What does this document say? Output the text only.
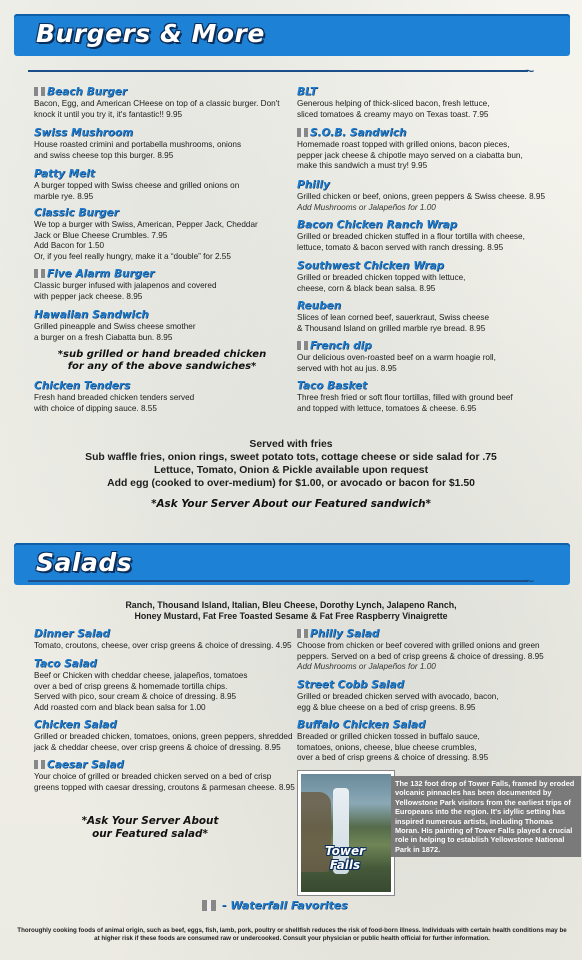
Burgers & More
~
Beach Burger
Bacon, Egg, and American CHeese on top of a classic burger. Don't knock it until you try it, it's fantastic!! 9.95
Swiss Mushroom
House roasted crimini and portabella mushrooms, onions
and swiss cheese top this burger. 8.95
Patty Melt
A burger topped with Swiss cheese and grilled onions on
marble rye. 8.95
Classic Burger
We top a burger with Swiss, American, Pepper Jack, Cheddar
Jack or Blue Cheese Crumbles. 7.95
Add Bacon for 1.50
Or, if you feel really hungry, make it a “double” for 2.55
Five Alarm Burger
Classic burger infused with jalapenos and covered
with pepper jack cheese. 8.95
Hawaiian Sandwich
Grilled pineapple and Swiss cheese smother
a burger on a fresh Ciabatta bun. 8.95
*sub grilled or hand breaded chicken
for any of the above sandwiches*
Chicken Tenders
Fresh hand breaded chicken tenders served
with choice of dipping sauce. 8.55
BLT
Generous helping of thick-sliced bacon, fresh lettuce,
sliced tomatoes & creamy mayo on Texas toast. 7.95
S.O.B. Sandwich
Homemade roast topped with grilled onions, bacon pieces,
pepper jack cheese & chipotle mayo served on a ciabatta bun,
make this sandwich a must try! 9.95
Philly
Grilled chicken or beef, onions, green peppers & Swiss cheese. 8.95
Add Mushrooms or Jalapeños for 1.00
Bacon Chicken Ranch Wrap
Grilled or breaded chicken stuffed in a flour tortilla with cheese,
lettuce, tomato & bacon served with ranch dressing. 8.95
Southwest Chicken Wrap
Grilled or breaded chicken topped with lettuce,
cheese, corn & black bean salsa. 8.95
Reuben
Slices of lean corned beef, sauerkraut, Swiss cheese
& Thousand Island on grilled marble rye bread. 8.95
French dip
Our delicious oven-roasted beef on a warm hoagie roll,
served with hot au jus. 8.95
Taco Basket
Three fresh fried or soft flour tortillas, filled with ground beef
and topped with lettuce, tomatoes & cheese. 6.95
Served with fries
Sub waffle fries, onion rings, sweet potato tots, cottage cheese or side salad for .75
Lettuce, Tomato, Onion & Pickle available upon request
Add egg (cooked to over-medium) for $1.00, or avocado or bacon for $1.50
*Ask Your Server About our Featured sandwich*
Salads
~
Ranch, Thousand Island, Italian, Bleu Cheese, Dorothy Lynch, Jalapeno Ranch,
Honey Mustard, Fat Free Toasted Sesame & Fat Free Raspberry Vinaigrette
Dinner Salad
Tomato, croutons, cheese, over crisp greens & choice of dressing. 4.95
Taco Salad
Beef or Chicken with cheddar cheese, jalapeños, tomatoes
over a bed of crisp greens & homemade tortilla chips.
Served with pico, sour cream & choice of dressing. 8.95
Add roasted corn and black bean salsa for 1.00
Chicken Salad
Grilled or breaded chicken, tomatoes, onions, green peppers, shredded
jack & cheddar cheese, over crisp greens & choice of dressing. 8.95
Caesar Salad
Your choice of grilled or breaded chicken served on a bed of crisp
greens topped with caesar dressing, croutons & parmesan cheese. 8.95
*Ask Your Server About
our Featured salad*
Philly Salad
Choose from chicken or beef covered with grilled onions and green
peppers. Served on a bed of crisp greens & choice of dressing. 8.95
Add Mushrooms or Jalapeños for 1.00
Street Cobb Salad
Grilled or breaded chicken served with avocado, bacon,
egg & blue cheese on a bed of crisp greens. 8.95
Buffalo Chicken Salad
Breaded or grilled chicken tossed in buffalo sauce,
tomatoes, onions, cheese, blue cheese crumbles,
over a bed of crisp greens & choice of dressing. 8.95
Tower Falls
The 132 foot drop of Tower Falls, framed by eroded volcanic pinnacles has been documented by Yellowstone Park visitors from the earliest trips of Europeans into the region. It's idyllic setting has inspired numerous artists, including Thomas Moran. His painting of Tower Falls played a crucial role in helping to establish Yellowstone National Park in 1872.
- Waterfall Favorites
Thoroughly cooking foods of animal origin, such as beef, eggs, fish, lamb, pork, poultry or shellfish reduces the risk of food-born illness. Individuals with certain health conditions may be at higher risk if these foods are consumed raw or undercooked. Consult your physician or public health official for further information.
